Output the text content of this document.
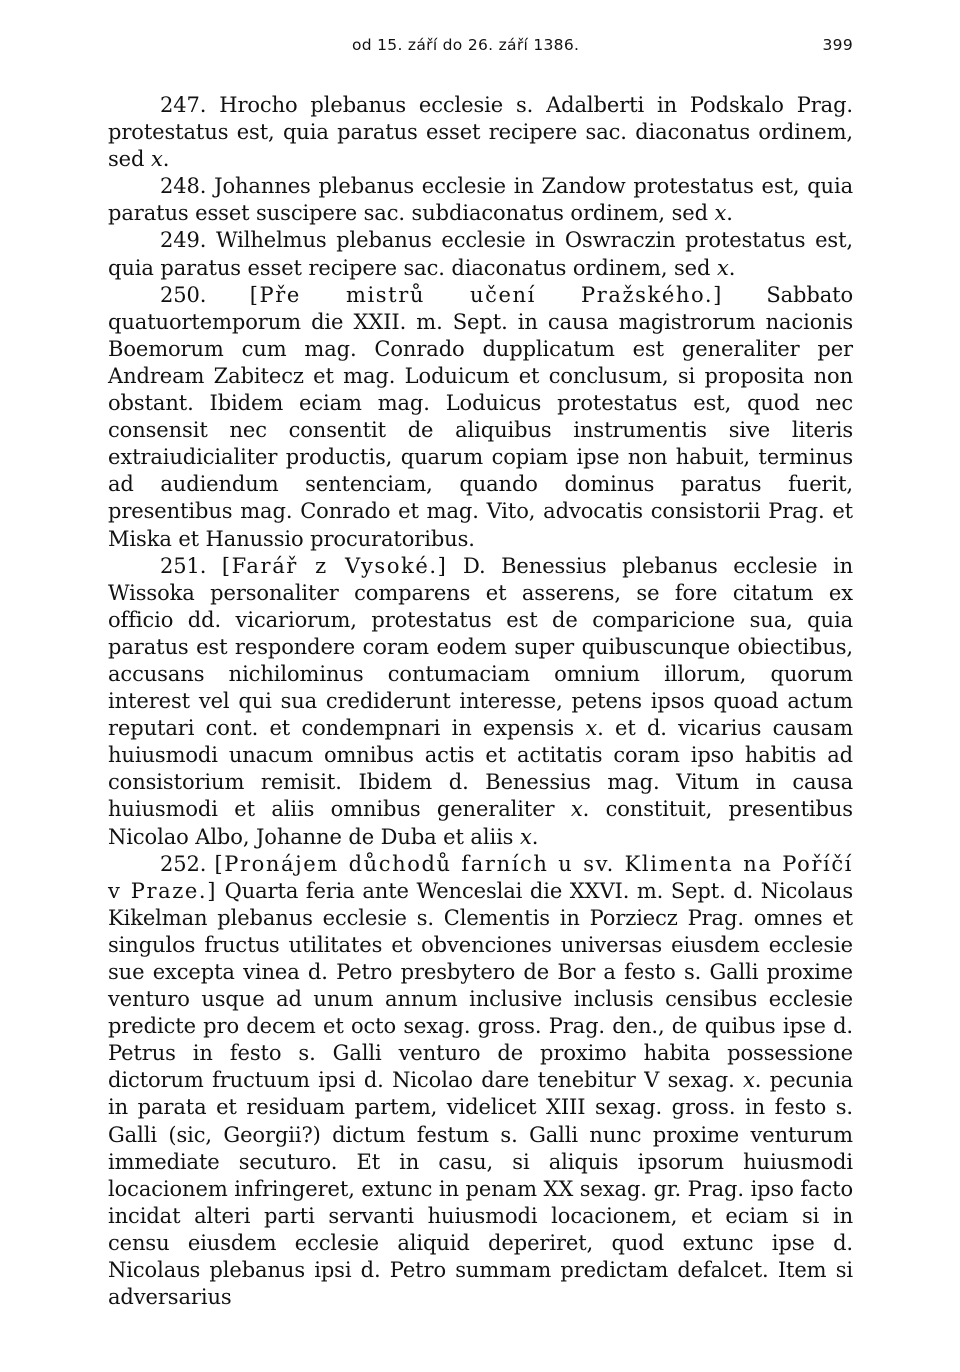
od 15. září do 26. září 1386.	399

247. Hrocho plebanus ecclesie s. Adalberti in Podskalo Prag. protestatus est, quia paratus esset recipere sac. diaconatus ordinem, sed x.

248. Johannes plebanus ecclesie in Zandow protestatus est, quia paratus esset suscipere sac. subdiaconatus ordinem, sed x.

249. Wilhelmus plebanus ecclesie in Oswraczin protestatus est, quia paratus esset recipere sac. diaconatus ordinem, sed x.

250. [Pře mistrů učení Pražského.] Sabbato quatuortemporum die XXII. m. Sept. in causa magistrorum nacionis Boemorum cum mag. Conrado dupplicatum est generaliter per Andream Zabitecz et mag. Loduicum et conclusum, si proposita non obstant. Ibidem eciam mag. Loduicus protestatus est, quod nec consensit nec consentit de aliquibus instrumentis sive literis extraiudicialiter productis, quarum copiam ipse non habuit, terminus ad audiendum sentenciam, quando dominus paratus fuerit, presentibus mag. Conrado et mag. Vito, advocatis consistorii Prag. et Miska et Hanussio procuratoribus.

251. [Farář z Vysoké.] D. Benessius plebanus ecclesie in Wissoka personaliter comparens et asserens, se fore citatum ex officio dd. vicariorum, protestatus est de comparicione sua, quia paratus est respondere coram eodem super quibuscunque obiectibus, accusans nichilominus contumaciam omnium illorum, quorum interest vel qui sua crediderunt interesse, petens ipsos quoad actum reputari cont. et condempnari in expensis x. et d. vicarius causam huiusmodi unacum omnibus actis et actitatis coram ipso habitis ad consistorium remisit. Ibidem d. Benessius mag. Vitum in causa huiusmodi et aliis omnibus generaliter x. constituit, presentibus Nicolao Albo, Johanne de Duba et aliis x.

252. [Pronájem důchodů farních u sv. Klimenta na Poříčí v Praze.] Quarta feria ante Wenceslai die XXVI. m. Sept. d. Nicolaus Kikelman plebanus ecclesie s. Clementis in Porziecz Prag. omnes et singulos fructus utilitates et obvenciones universas eiusdem ecclesie sue excepta vinea d. Petro presbytero de Bor a festo s. Galli proxime venturo usque ad unum annum inclusive inclusis censibus ecclesie predicte pro decem et octo sexag. gross. Prag. den., de quibus ipse d. Petrus in festo s. Galli venturo de proximo habita possessione dictorum fructuum ipsi d. Nicolao dare tenebitur V sexag. x. pecunia in parata et residuam partem, videlicet XIII sexag. gross. in festo s. Galli (sic, Georgii?) dictum festum s. Galli nunc proxime venturum immediate secuturo. Et in casu, si aliquis ipsorum huiusmodi locacionem infringeret, extunc in penam XX sexag. gr. Prag. ipso facto incidat alteri parti servanti huiusmodi locacionem, et eciam si in censu eiusdem ecclesie aliquid deperiret, quod extunc ipse d. Nicolaus plebanus ipsi d. Petro summam predictam defalcet. Item si adversarius
